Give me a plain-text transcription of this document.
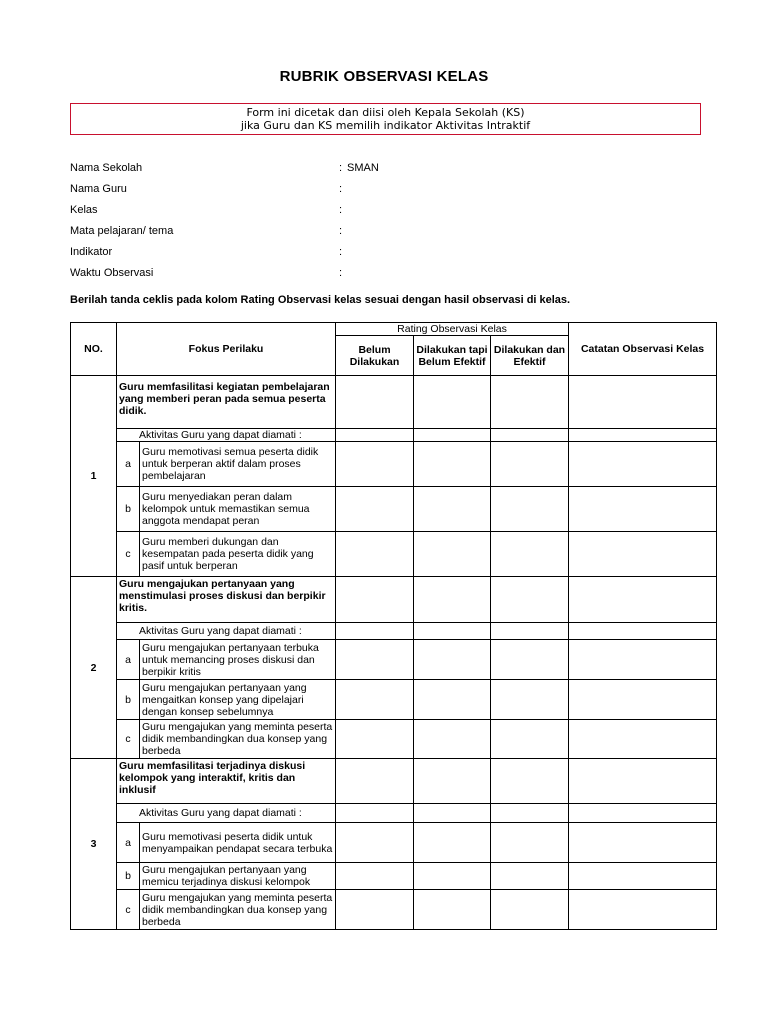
RUBRIK OBSERVASI KELAS
Form ini dicetak dan diisi oleh Kepala Sekolah (KS)
jika Guru dan KS memilih indikator Aktivitas Intraktif
Nama Sekolah	: SMAN
Nama Guru	:
Kelas	:
Mata pelajaran/ tema	:
Indikator	:
Waktu Observasi	:
Berilah tanda ceklis pada kolom Rating Observasi kelas sesuai dengan hasil observasi di kelas.
NO.	Fokus Perilaku		Rating Observasi Kelas			Catatan Observasi Kelas
			Belum Dilakukan	Dilakukan tapi Belum Efektif	Dilakukan dan Efektif	
1	Guru memfasilitasi kegiatan pembelajaran yang memberi peran pada semua peserta didik.					
	Aktivitas Guru yang dapat diamati :					
	a	Guru memotivasi semua peserta didik untuk berperan aktif dalam proses pembelajaran				
	b	Guru menyediakan peran dalam kelompok untuk memastikan semua anggota mendapat peran				
	c	Guru memberi dukungan dan kesempatan pada peserta didik yang pasif untuk berperan				
2	Guru mengajukan pertanyaan yang menstimulasi proses diskusi dan berpikir kritis.					
	Aktivitas Guru yang dapat diamati :					
	a	Guru mengajukan pertanyaan terbuka untuk memancing proses diskusi dan berpikir kritis				
	b	Guru mengajukan pertanyaan yang mengaitkan konsep yang dipelajari dengan konsep sebelumnya				
	c	Guru mengajukan yang meminta peserta didik membandingkan dua konsep yang berbeda				
3	Guru memfasilitasi terjadinya diskusi kelompok yang interaktif, kritis dan inklusif					
	Aktivitas Guru yang dapat diamati :					
	a	Guru memotivasi peserta didik untuk menyampaikan pendapat secara terbuka				
	b	Guru mengajukan pertanyaan yang memicu terjadinya diskusi kelompok				
	c	Guru mengajukan yang meminta peserta didik membandingkan dua konsep yang berbeda				
